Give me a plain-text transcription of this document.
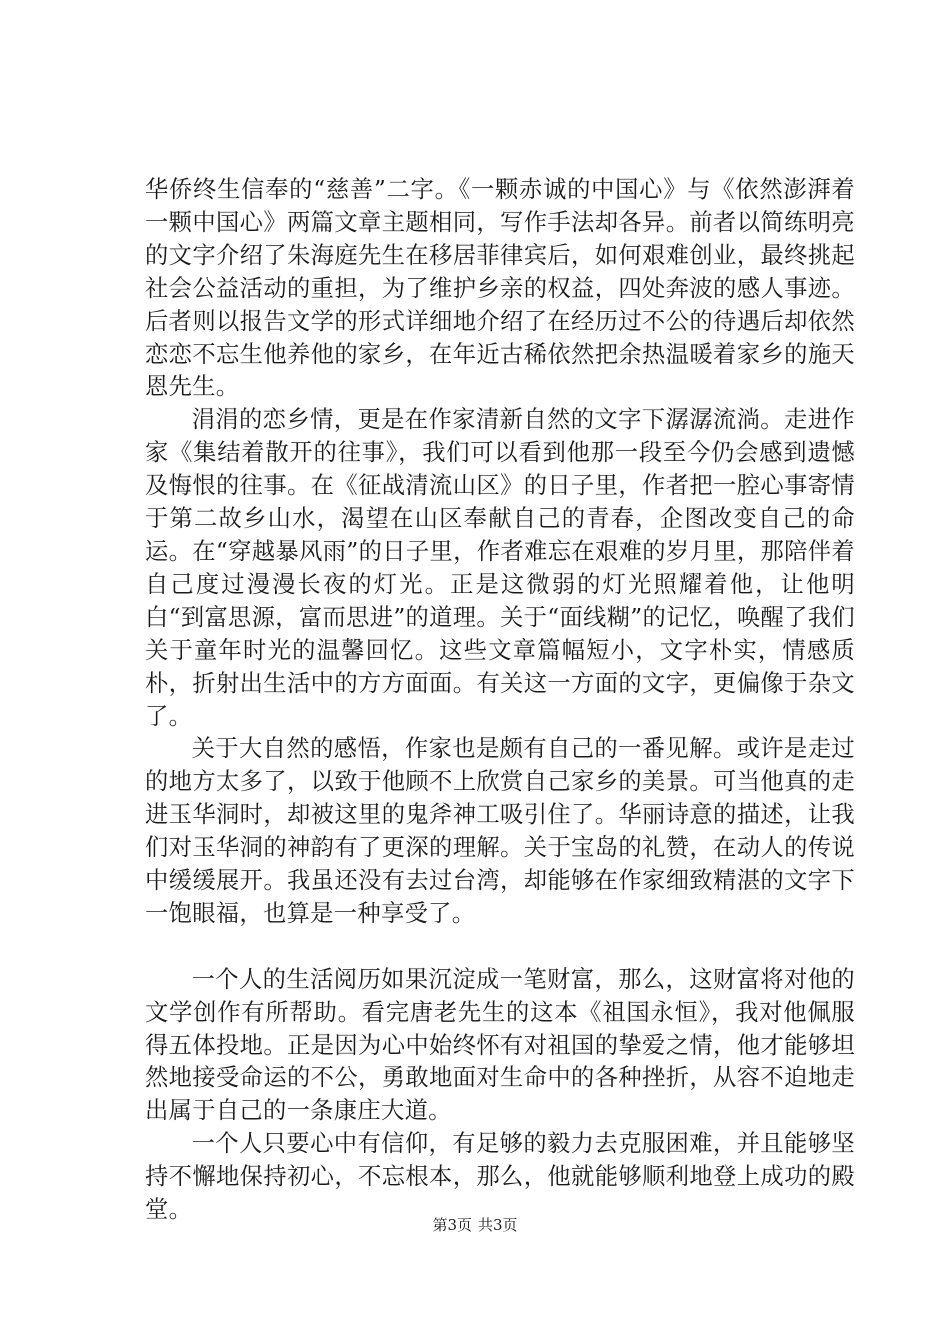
华侨终生信奉的“慈善”二字。《一颗赤诚的中国心》与《依然澎湃着一颗中国心》两篇文章主题相同，写作手法却各异。前者以简练明亮的文字介绍了朱海庭先生在移居菲律宾后，如何艰难创业，最终挑起社会公益活动的重担，为了维护乡亲的权益，四处奔波的感人事迹。后者则以报告文学的形式详细地介绍了在经历过不公的待遇后却依然恋恋不忘生他养他的家乡，在年近古稀依然把余热温暖着家乡的施天恩先生。

涓涓的恋乡情，更是在作家清新自然的文字下潺潺流淌。走进作家《集结着散开的往事》，我们可以看到他那一段至今仍会感到遗憾及悔恨的往事。在《征战清流山区》的日子里，作者把一腔心事寄情于第二故乡山水，渴望在山区奉献自己的青春，企图改变自己的命运。在“穿越暴风雨”的日子里，作者难忘在艰难的岁月里，那陪伴着自己度过漫漫长夜的灯光。正是这微弱的灯光照耀着他，让他明白“到富思源，富而思进”的道理。关于“面线糊”的记忆，唤醒了我们关于童年时光的温馨回忆。这些文章篇幅短小，文字朴实，情感质朴，折射出生活中的方方面面。有关这一方面的文字，更偏像于杂文了。

关于大自然的感悟，作家也是颇有自己的一番见解。或许是走过的地方太多了，以致于他顾不上欣赏自己家乡的美景。可当他真的走进玉华洞时，却被这里的鬼斧神工吸引住了。华丽诗意的描述，让我们对玉华洞的神韵有了更深的理解。关于宝岛的礼赞，在动人的传说中缓缓展开。我虽还没有去过台湾，却能够在作家细致精湛的文字下一饱眼福，也算是一种享受了。

一个人的生活阅历如果沉淀成一笔财富，那么，这财富将对他的文学创作有所帮助。看完唐老先生的这本《祖国永恒》，我对他佩服得五体投地。正是因为心中始终怀有对祖国的挚爱之情，他才能够坦然地接受命运的不公，勇敢地面对生命中的各种挫折，从容不迫地走出属于自己的一条康庄大道。

一个人只要心中有信仰，有足够的毅力去克服困难，并且能够坚持不懈地保持初心，不忘根本，那么，他就能够顺利地登上成功的殿堂。

第3页 共3页
